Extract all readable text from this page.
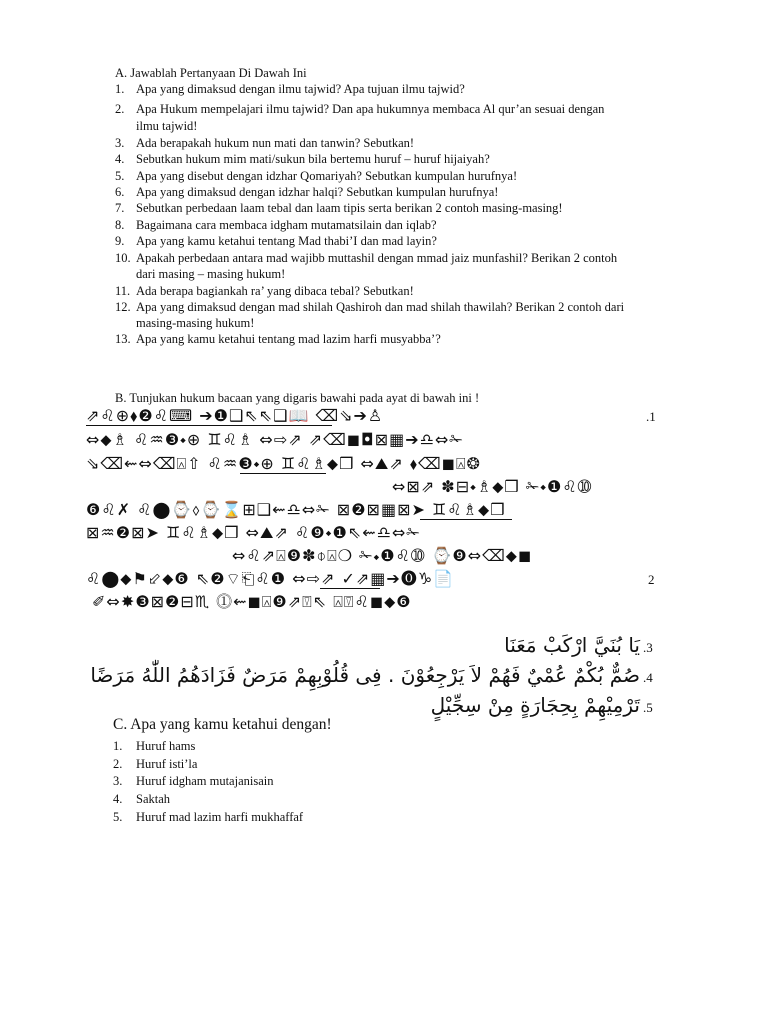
A. Jawablah Pertanyaan Di Dawah Ini
1. Apa yang dimaksud dengan ilmu tajwid? Apa tujuan ilmu tajwid?
2. Apa Hukum mempelajari ilmu tajwid? Dan apa hukumnya membaca Al qur’an sesuai dengan
ilmu tajwid!
3. Ada berapakah hukum nun mati dan tanwin? Sebutkan!
4. Sebutkan hukum mim mati/sukun bila bertemu huruf – huruf hijaiyah?
5. Apa yang disebut dengan idzhar Qomariyah? Sebutkan kumpulan hurufnya!
6. Apa yang dimaksud dengan idzhar halqi? Sebutkan kumpulan hurufnya!
7. Sebutkan perbedaan laam tebal dan laam tipis serta berikan 2 contoh masing-masing!
8. Bagaimana cara membaca idgham mutamatsilain dan iqlab?
9. Apa yang kamu ketahui tentang Mad thabi’I dan mad layin?
10. Apakah perbedaan antara mad wajibb muttashil dengan mmad jaiz munfashil? Berikan 2 contoh
dari masing – masing hukum!
11. Ada berapa bagiankah ra’ yang dibaca tebal? Sebutkan!
12. Apa yang dimaksud dengan mad shilah Qashiroh dan mad shilah thawilah? Berikan 2 contoh dari
masing-masing hukum!
13. Apa yang kamu ketahui tentang mad lazim harfi musyabba’?
B. Tunjukan hukum bacaan yang digaris bawahi pada ayat di bawah ini !
⇗♌⊕⬧❷♌⌨ ➔❶❑⇖⇖❑📖 ⌫⇘➔♙	.1
⇔⬥♗ ♌♒❸⬩⊕ ♊♌♗ ⇔⇨⇗ ⇗⌫◼◘⊠▦➔♎⇔✁
⇘⌫⇜⇔⌫⍓⇧ ♌♒❸⬩⊕ ♊♌♗⬥❒ ⇔⛰⇗ ⬧⌫◼⍓❂
⇔⊠⇗ ✽⊟⬩♗⬥❒ ✁⬩❶♌➉
❻♌✗ ♌⬤⌚⬨⌚⌛⊞❑⇜♎⇔✁ ⊠❷⊠▦⊠➤ ♊♌♗⬥❒
⊠♒❷⊠➤ ♊♌♗⬥❒ ⇔⛰⇗ ♌❾⬩❶⇖⇜♎⇔✁
⇔♌⇗⍓❾✽⌽⍓❍ ✁⬩❶♌➉ ⌚❾⇔⌫⬥◼
♌⬤⬥⚑⬃⬥❻ ⇖❷⌔⎗♌❶ ⇔⇨⇗ ✓⇗▦➔⓿♑📄	2
✐⇔✸❸⊠❷⊟♏ ⓵⇜◼⍓❾⇗⍔⇖ ⍓⍔♌◼⬥❻
يَا بُنَيَّ ارْكَبْ مَعَنَا .3
صُمٌّ بُكْمٌ عُمْيٌ فَهُمْ لاَ يَرْجِعُوْنَ . فِى قُلُوْبِهِمْ مَرَضٌ فَزَادَهُمُ اللّٰهُ مَرَضًا .4
تَرْمِيْهِمْ بِحِجَارَةٍ مِنْ سِجِّيْلٍ .5
C. Apa yang kamu ketahui dengan!
1. Huruf hams
2. Huruf isti’la
3. Huruf idgham mutajanisain
4. Saktah
5. Huruf mad lazim harfi mukhaffaf
